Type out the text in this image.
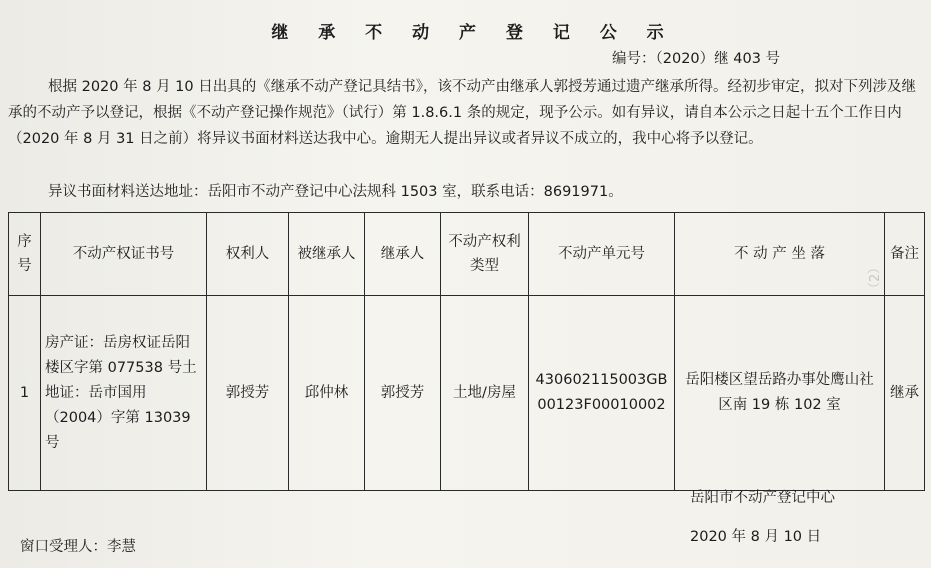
继 承 不 动 产 登 记 公 示
编号：（2020）继 403 号
根据 2020 年 8 月 10 日出具的《继承不动产登记具结书》，该不动产由继承人郭授芳通过遗产继承所得。经初步审定，拟对下列涉及继承的不动产予以登记，根据《不动产登记操作规范》（试行）第 1.8.6.1 条的规定，现予公示。如有异议，请自本公示之日起十五个工作日内（2020 年 8 月 31 日之前）将异议书面材料送达我中心。逾期无人提出异议或者异议不成立的，我中心将予以登记。
异议书面材料送达地址：岳阳市不动产登记中心法规科 1503 室，联系电话：8691971。
（2）
序号	不动产权证书号	权利人	被继承人	继承人	不动产权利类型	不动产单元号	不 动 产 坐 落	备注
1	房产证：岳房权证岳阳楼区字第 077538 号土地证：岳市国用（2004）字第 13039 号	郭授芳	邱仲林	郭授芳	土地/房屋	430602115003GB00123F00010002	岳阳楼区望岳路办事处鹰山社区南 19 栋 102 室	继承
岳阳市不动产登记中心
2020 年 8 月 10 日
窗口受理人：李慧
